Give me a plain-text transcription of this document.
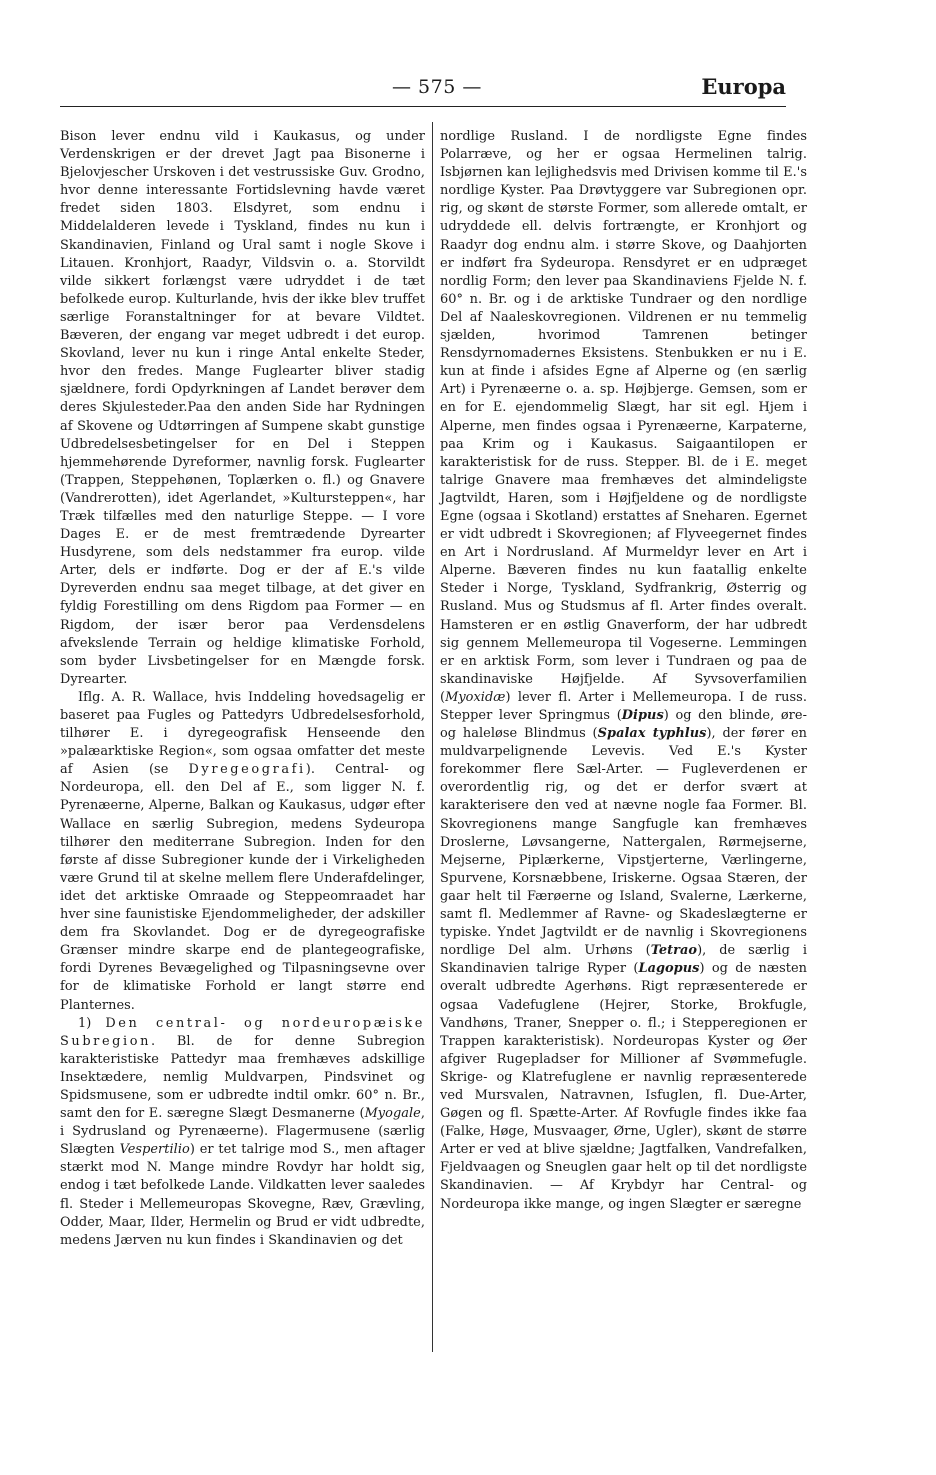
— 575 —	Europa

Bison lever endnu vild i Kaukasus, og under Verdenskrigen er der drevet Jagt paa Bisonerne i Bjelovjescher Urskoven i det vestrussiske Guv. Grodno, hvor denne interessante Fortidslevning havde været fredet siden 1803. Elsdyret, som endnu i Middelalderen levede i Tyskland, findes nu kun i Skandinavien, Finland og Ural samt i nogle Skove i Litauen. Kronhjort, Raadyr, Vildsvin o. a. Storvildt vilde sikkert forlængst være udryddet i de tæt befolkede europ. Kulturlande, hvis der ikke blev truffet særlige Foranstaltninger for at bevare Vildtet. Bæveren, der engang var meget udbredt i det europ. Skovland, lever nu kun i ringe Antal enkelte Steder, hvor den fredes. Mange Fuglearter bliver stadig sjældnere, fordi Opdyrkningen af Landet berøver dem deres Skjulesteder.Paa den anden Side har Rydningen af Skovene og Udtørringen af Sumpene skabt gunstige Udbredelsesbetingelser for en Del i Steppen hjemmehørende Dyreformer, navnlig forsk. Fuglearter (Trappen, Steppehønen, Toplærken o. fl.) og Gnavere (Vandrerotten), idet Agerlandet, »Kultursteppen«, har Træk tilfælles med den naturlige Steppe. — I vore Dages E. er de mest fremtrædende Dyrearter Husdyrene, som dels nedstammer fra europ. vilde Arter, dels er indførte. Dog er der af E.'s vilde Dyreverden endnu saa meget tilbage, at det giver en fyldig Forestilling om dens Rigdom paa Former — en Rigdom, der især beror paa Verdensdelens afvekslende Terrain og heldige klimatiske Forhold, som byder Livsbetingelser for en Mængde forsk. Dyrearter.

Iflg. A. R. Wallace, hvis Inddeling hovedsagelig er baseret paa Fugles og Pattedyrs Udbredelsesforhold, tilhører E. i dyregeografisk Henseende den »palæarktiske Region«, som ogsaa omfatter det meste af Asien (se Dyregeografi). Central- og Nordeuropa, ell. den Del af E., som ligger N. f. Pyrenæerne, Alperne, Balkan og Kaukasus, udgør efter Wallace en særlig Subregion, medens Sydeuropa tilhører den mediterrane Subregion. Inden for den første af disse Subregioner kunde der i Virkeligheden være Grund til at skelne mellem flere Underafdelinger, idet det arktiske Omraade og Steppeomraadet har hver sine faunistiske Ejendommeligheder, der adskiller dem fra Skovlandet. Dog er de dyregeografiske Grænser mindre skarpe end de plantegeografiske, fordi Dyrenes Bevægelighed og Tilpasningsevne over for de klimatiske Forhold er langt større end Planternes.

1) Den central- og nordeuropæiske Subregion. Bl. de for denne Subregion karakteristiske Pattedyr maa fremhæves adskillige Insektædere, nemlig Muldvarpen, Pindsvinet og Spidsmusene, som er udbredte indtil omkr. 60° n. Br., samt den for E. særegne Slægt Desmanerne (Myogale, i Sydrusland og Pyrenæerne). Flagermusene (særlig Slægten Vespertilio) er tet talrige mod S., men aftager stærkt mod N. Mange mindre Rovdyr har holdt sig, endog i tæt befolkede Lande. Vildkatten lever saaledes fl. Steder i Mellemeuropas Skovegne, Ræv, Grævling, Odder, Maar, Ilder, Hermelin og Brud er vidt udbredte, medens Jærven nu kun findes i Skandinavien og det

nordlige Rusland. I de nordligste Egne findes Polarræve, og her er ogsaa Hermelinen talrig. Isbjørnen kan lejlighedsvis med Drivisen komme til E.'s nordlige Kyster. Paa Drøvtyggere var Subregionen opr. rig, og skønt de største Former, som allerede omtalt, er udryddede ell. delvis fortrængte, er Kronhjort og Raadyr dog endnu alm. i større Skove, og Daahjorten er indført fra Sydeuropa. Rensdyret er en udpræget nordlig Form; den lever paa Skandinaviens Fjelde N. f. 60° n. Br. og i de arktiske Tundraer og den nordlige Del af Naaleskovregionen. Vildrenen er nu temmelig sjælden, hvorimod Tamrenen betinger Rensdyrnomadernes Eksistens. Stenbukken er nu i E. kun at finde i afsides Egne af Alperne og (en særlig Art) i Pyrenæerne o. a. sp. Højbjerge. Gemsen, som er en for E. ejendommelig Slægt, har sit egl. Hjem i Alperne, men findes ogsaa i Pyrenæerne, Karpaterne, paa Krim og i Kaukasus. Saigaantilopen er karakteristisk for de russ. Stepper. Bl. de i E. meget talrige Gnavere maa fremhæves det almindeligste Jagtvildt, Haren, som i Højfjeldene og de nordligste Egne (ogsaa i Skotland) erstattes af Sneharen. Egernet er vidt udbredt i Skovregionen; af Flyveegernet findes en Art i Nordrusland. Af Murmeldyr lever en Art i Alperne. Bæveren findes nu kun faatallig enkelte Steder i Norge, Tyskland, Sydfrankrig, Østerrig og Rusland. Mus og Studsmus af fl. Arter findes overalt. Hamsteren er en østlig Gnaverform, der har udbredt sig gennem Mellemeuropa til Vogeserne. Lemmingen er en arktisk Form, som lever i Tundraen og paa de skandinaviske Højfjelde. Af Syvsoverfamilien (Myoxidæ) lever fl. Arter i Mellemeuropa. I de russ. Stepper lever Springmus (Dipus) og den blinde, øre- og haleløse Blindmus (Spalax typhlus), der fører en muldvarpelignende Levevis. Ved E.'s Kyster forekommer flere Sæl-Arter. — Fugleverdenen er overordentlig rig, og det er derfor svært at karakterisere den ved at nævne nogle faa Former. Bl. Skovregionens mange Sangfugle kan fremhæves Droslerne, Løvsangerne, Nattergalen, Rørmejserne, Mejserne, Piplærkerne, Vipstjerterne, Værlingerne, Spurvene, Korsnæbbene, Iriskerne. Ogsaa Stæren, der gaar helt til Færøerne og Island, Svalerne, Lærkerne, samt fl. Medlemmer af Ravne- og Skadeslægterne er typiske. Yndet Jagtvildt er de navnlig i Skovregionens nordlige Del alm. Urhøns (Tetrao), de særlig i Skandinavien talrige Ryper (Lagopus) og de næsten overalt udbredte Agerhøns. Rigt repræsenterede er ogsaa Vadefuglene (Hejrer, Storke, Brokfugle, Vandhøns, Traner, Snepper o. fl.; i Stepperegionen er Trappen karakteristisk). Nordeuropas Kyster og Øer afgiver Rugepladser for Millioner af Svømmefugle. Skrige- og Klatrefuglene er navnlig repræsenterede ved Mursvalen, Natravnen, Isfuglen, fl. Due-Arter, Gøgen og fl. Spætte-Arter. Af Rovfugle findes ikke faa (Falke, Høge, Musvaager, Ørne, Ugler), skønt de større Arter er ved at blive sjældne; Jagtfalken, Vandrefalken, Fjeldvaagen og Sneuglen gaar helt op til det nordligste Skandinavien. — Af Krybdyr har Central- og Nordeuropa ikke mange, og ingen Slægter er særegne
